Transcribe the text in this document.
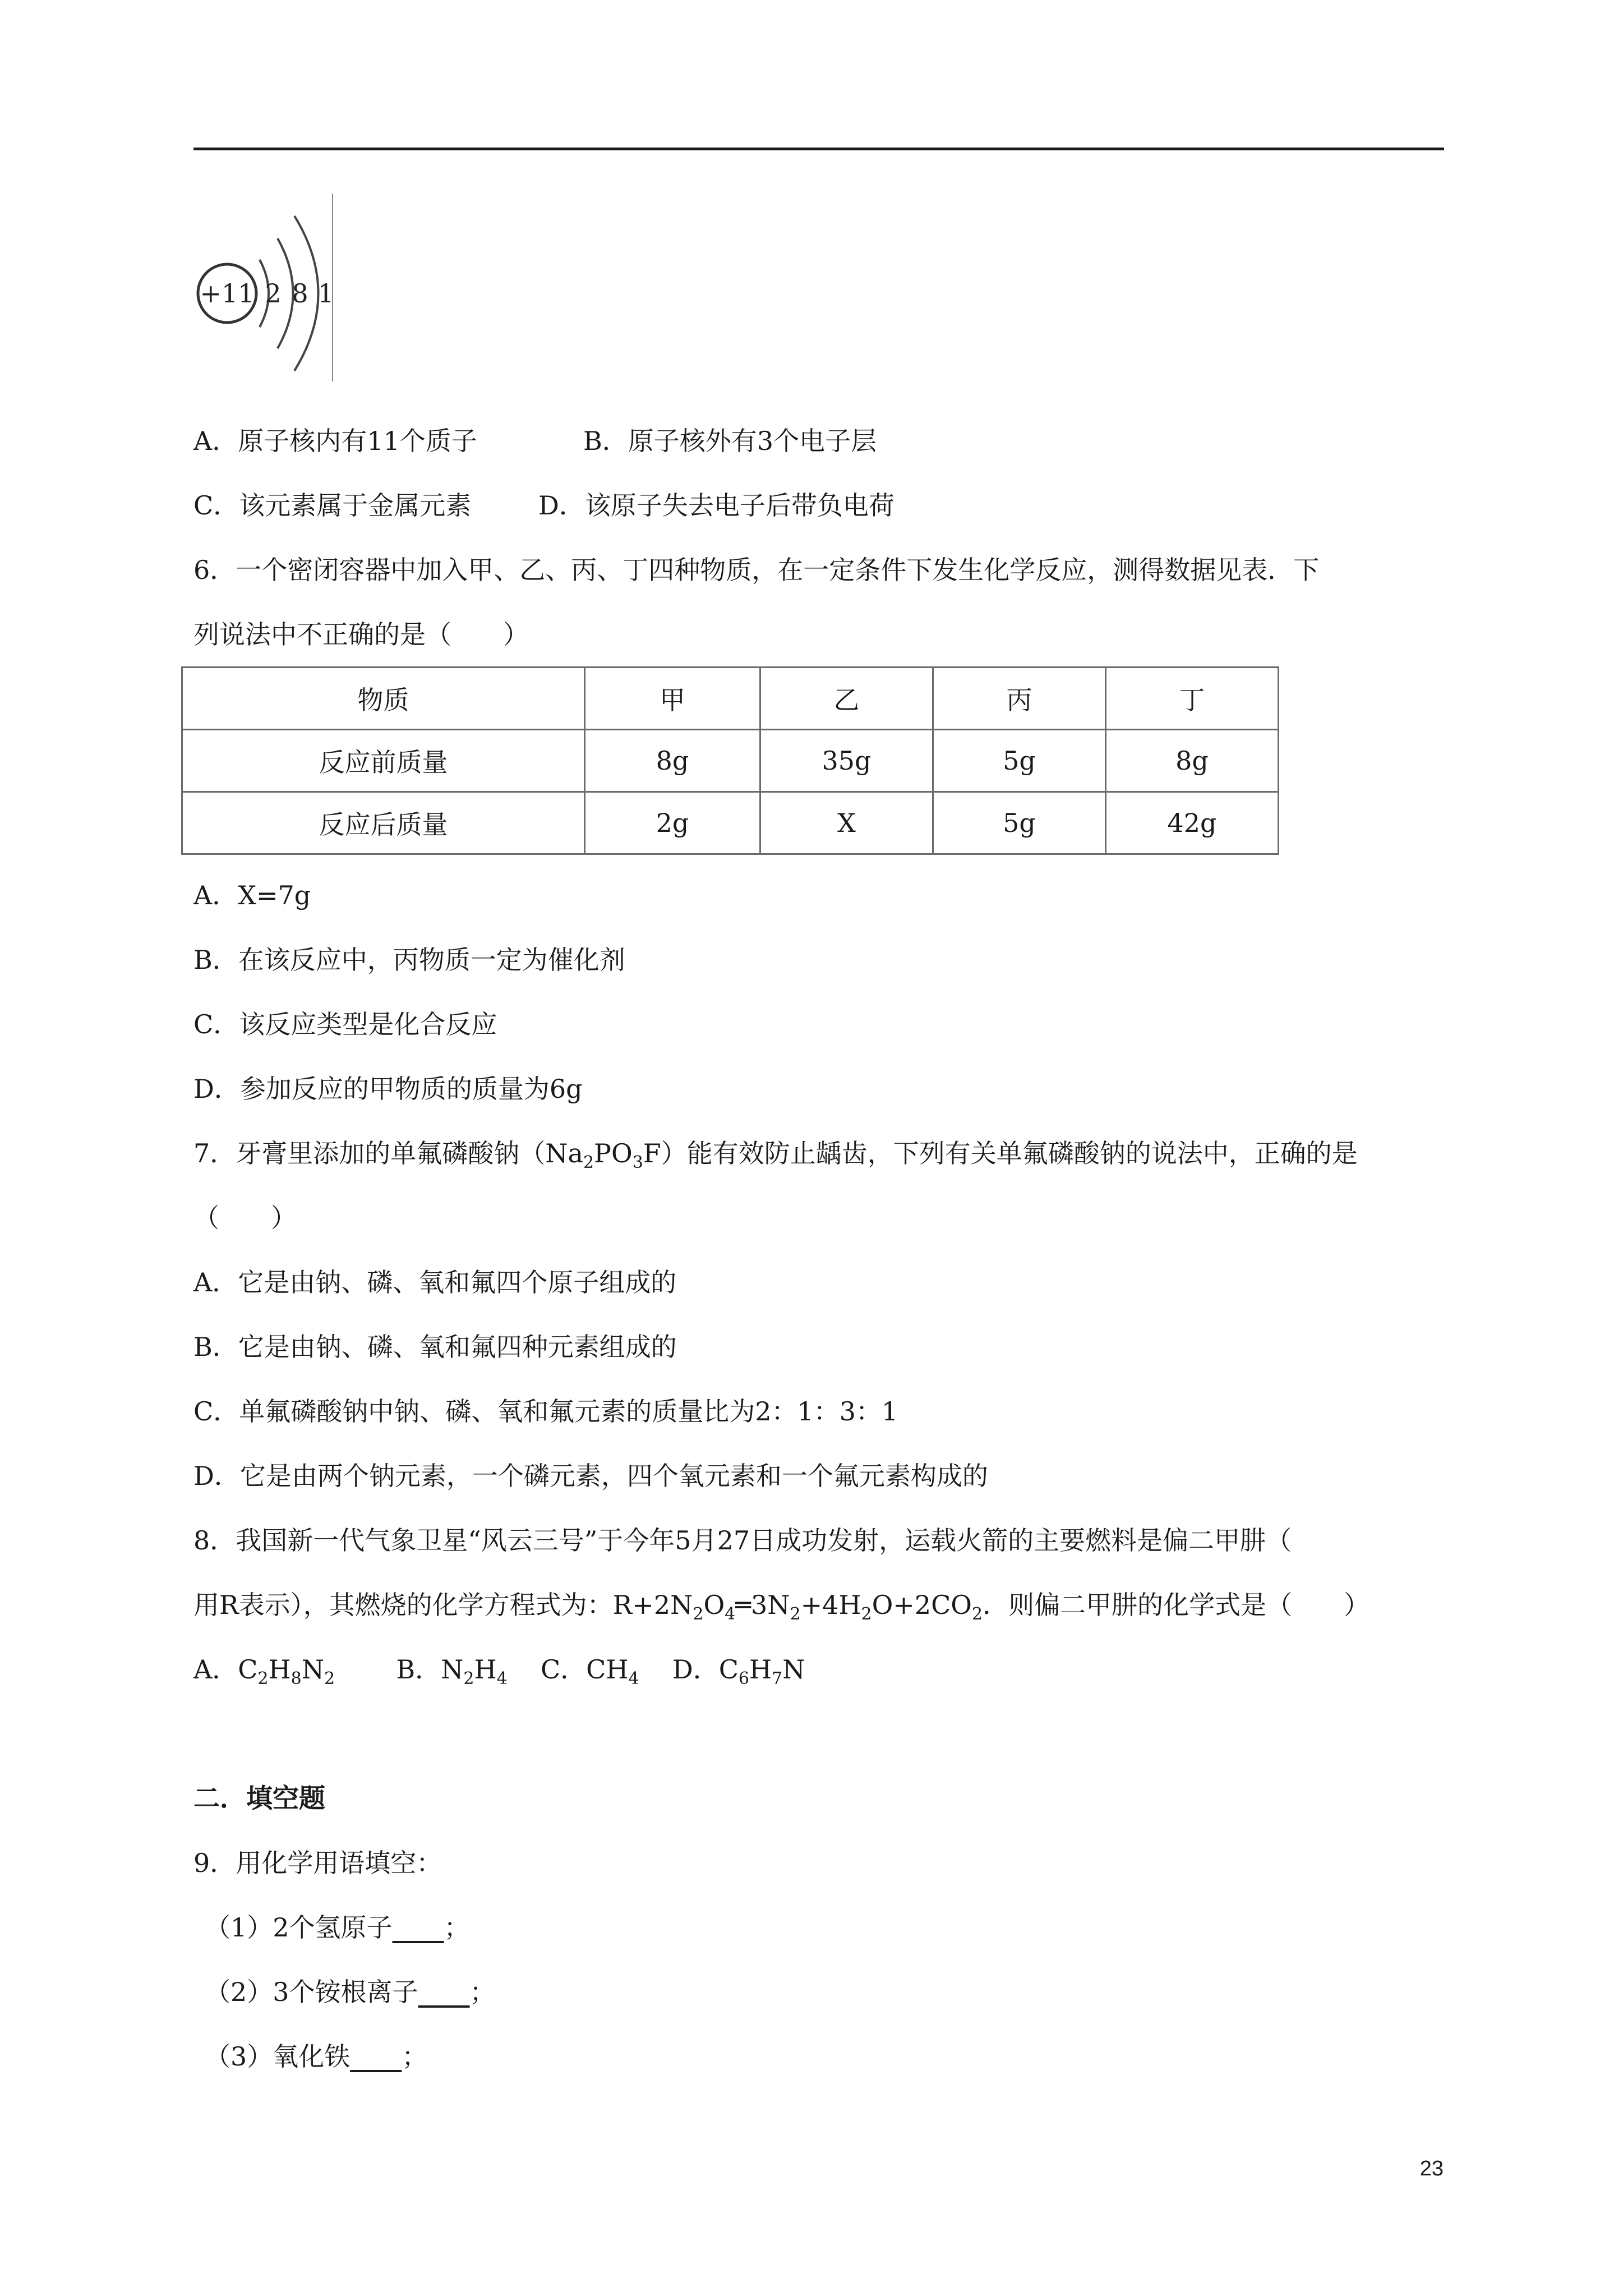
+11 2 8 1
A．原子核内有11个质子	B．原子核外有3个电子层
C．该元素属于金属元素	D．该原子失去电子后带负电荷
6．一个密闭容器中加入甲、乙、丙、丁四种物质，在一定条件下发生化学反应，测得数据见表．下
列说法中不正确的是（　　）
物质	甲	乙	丙	丁
反应前质量	8g	35g	5g	8g
反应后质量	2g	X	5g	42g
A．X=7g
B．在该反应中，丙物质一定为催化剂
C．该反应类型是化合反应
D．参加反应的甲物质的质量为6g
7．牙膏里添加的单氟磷酸钠$(Na_2PO_3F)$能有效防止龋齿，下列有关单氟磷酸钠的说法中，正确的是
（　　）
A．它是由钠、磷、氧和氟四个原子组成的
B．它是由钠、磷、氧和氟四种元素组成的
C．单氟磷酸钠中钠、磷、氧和氟元素的质量比为2：1：3：1
D．它是由两个钠元素，一个磷元素，四个氧元素和一个氟元素构成的
8．我国新一代气象卫星“风云三号”于今年5月27日成功发射，运载火箭的主要燃料是偏二甲肼（
用R表示），其燃烧的化学方程式为：$R+2N_2O_4═3N_2+4H_2O+2CO_2$．则偏二甲肼的化学式是（　　）
A．$C_2H_8N_2$ B．$N_2H_4$ C．$CH_4$ D．$C_6H_7N$
二．填空题
9．用化学用语填空：
（1）2个氢原子____；
（2）3个铵根离子____；
（3）氧化铁____；
23
